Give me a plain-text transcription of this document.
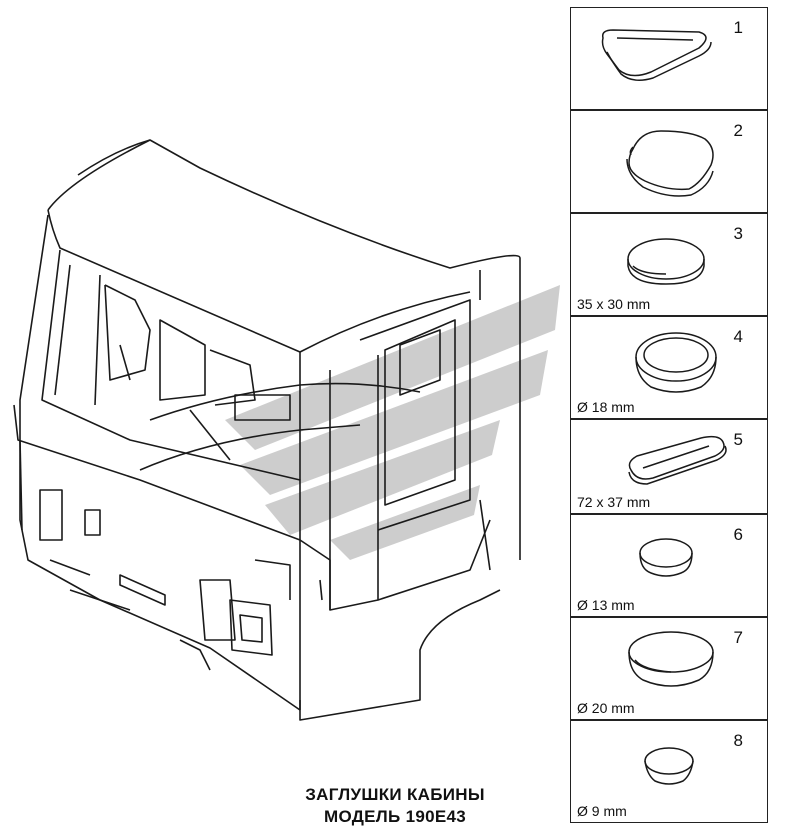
1
2
3
35 x 30 mm
4
Ø 18 mm
5
72 x 37 mm
6
Ø 13 mm
7
Ø 20 mm
8
Ø 9 mm
ЗАГЛУШКИ КАБИНЫ
МОДЕЛЬ 190Е43
